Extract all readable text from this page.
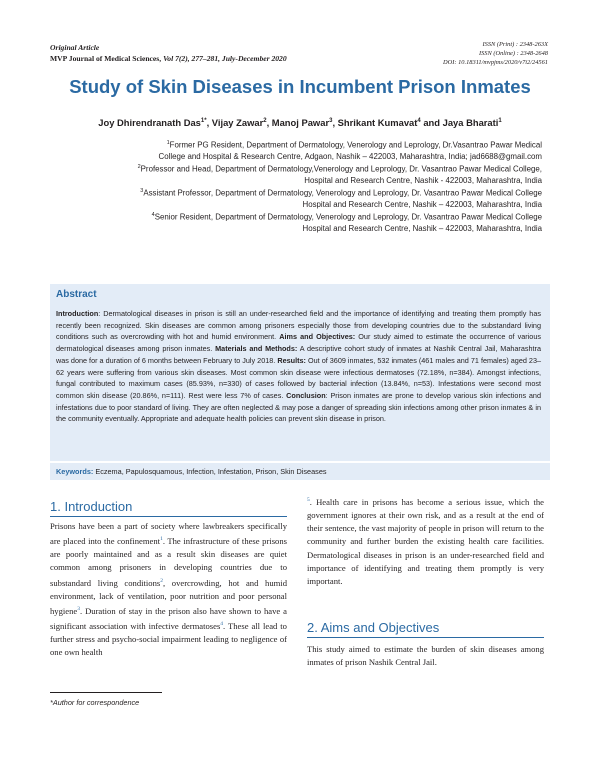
Original Article
MVP Journal of Medical Sciences, Vol 7(2), 277–281, July-December 2020
ISSN (Print) : 2348-263X
ISSN (Online) : 2348-2648
DOI: 10.18311/mvpjms/2020/v7i2/24561
Study of Skin Diseases in Incumbent Prison Inmates
Joy Dhirendranath Das$^{1*}$, Vijay Zawar$^2$, Manoj Pawar$^3$, Shrikant Kumavat$^4$ and Jaya Bharati$^1$
$^1$Former PG Resident, Department of Dermatology, Venerology and Leprology, Dr.Vasantrao Pawar Medical
College and Hospital & Research Centre, Adgaon, Nashik – 422003, Maharashtra, India; jad6688@gmail.com
$^2$Professor and Head, Department of Dermatology,Venerology and Leprology, Dr. Vasantrao Pawar Medical College,
Hospital and Research Centre, Nashik - 422003, Maharashtra, India
$^3$Assistant Professor, Department of Dermatology, Venerology and Leprology, Dr. Vasantrao Pawar Medical College
Hospital and Research Centre, Nashik – 422003, Maharashtra, India
$^4$Senior Resident, Department of Dermatology, Venerology and Leprology, Dr. Vasantrao Pawar Medical College
Hospital and Research Centre, Nashik – 422003, Maharashtra, India
Abstract
Introduction: Dermatological diseases in prison is still an under-researched field and the importance of identifying and treating them promptly has recently been recognized. Skin diseases are common among prisoners especially those from developing countries due to the substandard living conditions such as overcrowding with hot and humid environment. Aims and Objectives: Our study aimed to estimate the occurrence of various dermatological diseases among prison inmates. Materials and Methods: A descriptive cohort study of inmates at Nashik Central Jail, Maharashtra was done for a duration of 6 months between February to July 2018. Results: Out of 3609 inmates, 532 inmates (461 males and 71 females) aged 23–62 years were suffering from various skin diseases. Most common skin disease were infectious dermatoses (72.18%, n=384). Amongst infections, fungal contributed to maximum cases (85.93%, n=330) of cases followed by bacterial infection (13.84%, n=53). Infestations were second most common skin disease (20.86%, n=111). Rest were less 7% of cases. Conclusion: Prison inmates are prone to develop various skin infections and infestations due to poor standard of living. They are often neglected & may pose a danger of spreading skin infections among other prison inmates & in the community eventually. Appropriate and adequate health policies can prevent skin disease in prison.
Keywords: Eczema, Papulosquamous, Infection, Infestation, Prison, Skin Diseases
1. Introduction
Prisons have been a part of society where lawbreakers specifically are placed into the confinement$^1$. The infrastructure of these prisons are poorly maintained and as a result skin diseases are quiet common among prisoners in developing countries due to substandard living conditions$^2$, overcrowding, hot and humid environment, lack of ventilation, poor nutrition and poor personal hygiene$^3$. Duration of stay in the prison also have shown to have a significant association with infective dermatoses$^4$. These all lead to further stress and psycho-social impairment leading to negligence of one own health
$^5$. Health care in prisons has become a serious issue, which the government ignores at their own risk, and as a result at the end of their sentence, the vast majority of people in prison will return to the community and further burden the existing health care facilities. Dermatological diseases in prison is an under-researched field and importance of identifying and treating them promptly is very important.
2. Aims and Objectives
This study aimed to estimate the burden of skin diseases among inmates of prison Nashik Central Jail.
*Author for correspondence
